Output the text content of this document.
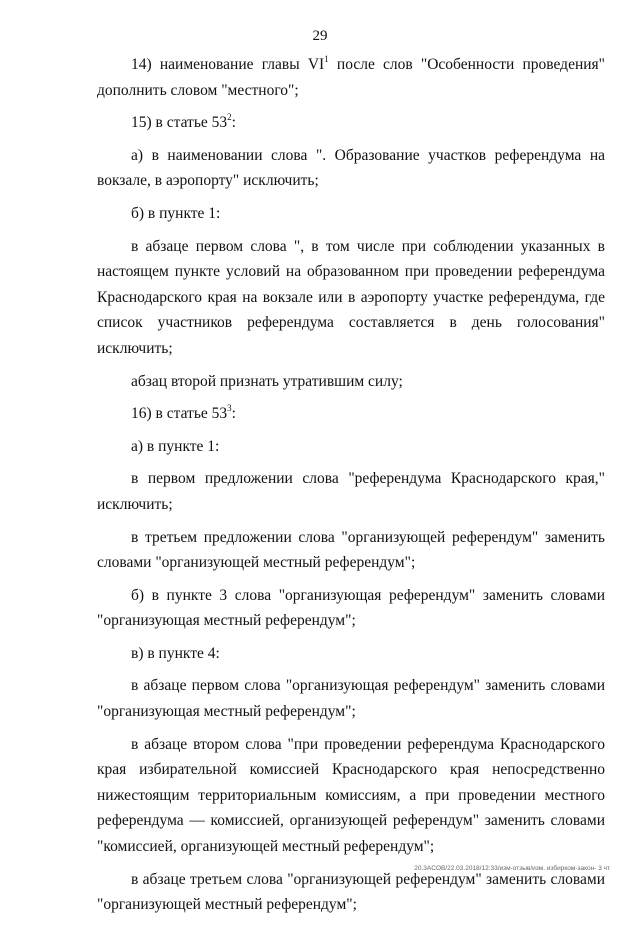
29

14) наименование главы $VI^1$ после слов "Особенности проведения" дополнить словом "местного";

15) в статье $53^2$:

а) в наименовании слова ". Образование участков референдума на вокзале, в аэропорту" исключить;

б) в пункте 1:

в абзаце первом слова ", в том числе при соблюдении указанных в настоящем пункте условий на образованном при проведении референдума Краснодарского края на вокзале или в аэропорту участке референдума, где список участников референдума составляется в день голосования" исключить;

абзац второй признать утратившим силу;

16) в статье $53^3$:

а) в пункте 1:

в первом предложении слова "референдума Краснодарского края," исключить;

в третьем предложении слова "организующей референдум" заменить словами "организующей местный референдум";

б) в пункте 3 слова "организующая референдум" заменить словами "организующая местный референдум";

в) в пункте 4:

в абзаце первом слова "организующая референдум" заменить словами "организующая местный референдум";

в абзаце втором слова "при проведении референдума Краснодарского края избирательной комиссией Краснодарского края непосредственно нижестоящим территориальным комиссиям, а при проведении местного референдума — комиссией, организующей референдум" заменить словами "комиссией, организующей местный референдум";

в абзаце третьем слова "организующей референдум" заменить словами "организующей местный референдум";

20.3ACOB/22.03.2018/12:33/изм-отзыв/изм. избирком-закон- 3 чт
